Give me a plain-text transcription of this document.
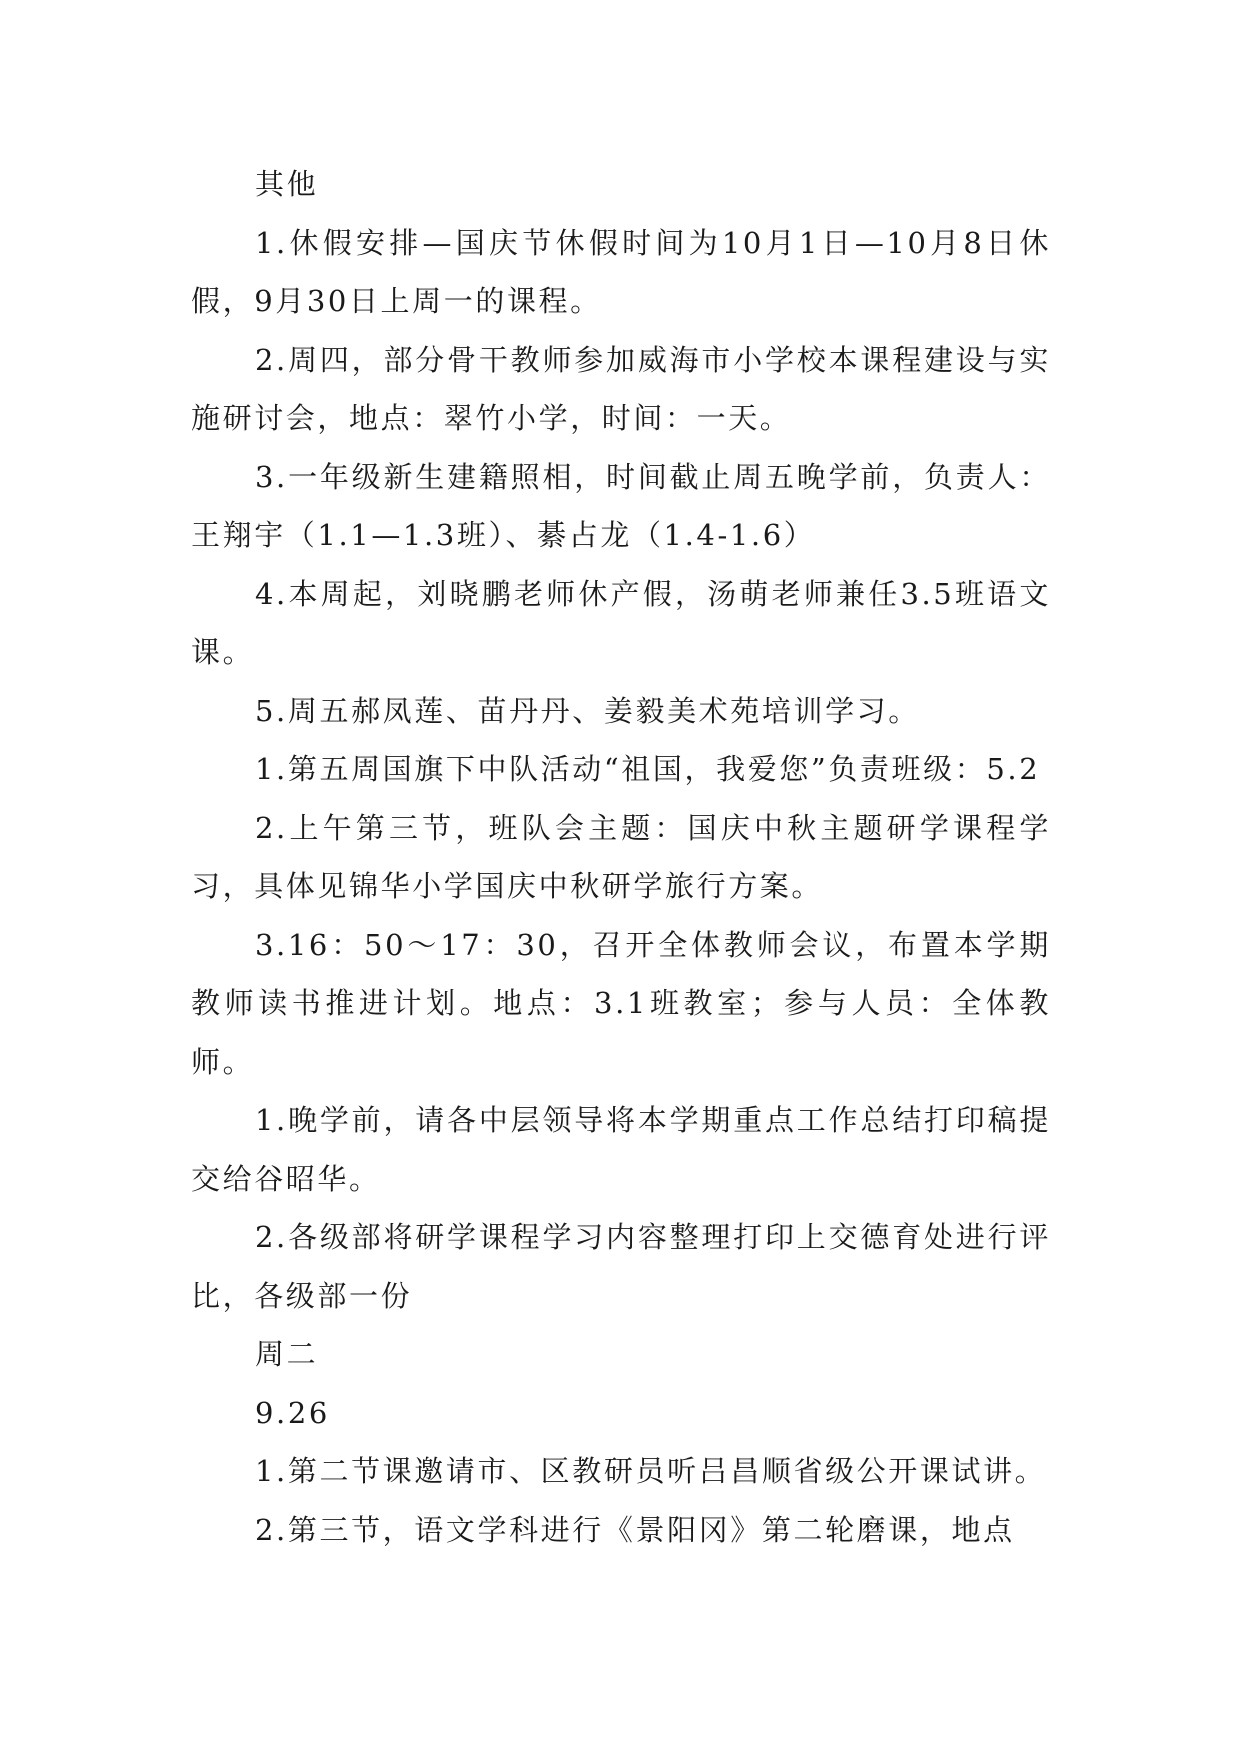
其他

1.休假安排—国庆节休假时间为10月1日—10月8日休假，9月30日上周一的课程。

2.周四，部分骨干教师参加威海市小学校本课程建设与实施研讨会，地点：翠竹小学，时间：一天。

3.一年级新生建籍照相，时间截止周五晚学前，负责人：王翔宇（1.1—1.3班）、綦占龙（1.4-1.6）

4.本周起，刘晓鹏老师休产假，汤萌老师兼任3.5班语文课。

5.周五郝凤莲、苗丹丹、姜毅美术苑培训学习。

1.第五周国旗下中队活动“祖国，我爱您”负责班级：5.2

2.上午第三节，班队会主题：国庆中秋主题研学课程学习，具体见锦华小学国庆中秋研学旅行方案。

3.16：50～17：30，召开全体教师会议，布置本学期教师读书推进计划。地点：3.1班教室；参与人员：全体教师。

1.晚学前，请各中层领导将本学期重点工作总结打印稿提交给谷昭华。

2.各级部将研学课程学习内容整理打印上交德育处进行评比，各级部一份

周二

9.26

1.第二节课邀请市、区教研员听吕昌顺省级公开课试讲。

2.第三节，语文学科进行《景阳冈》第二轮磨课，地点
